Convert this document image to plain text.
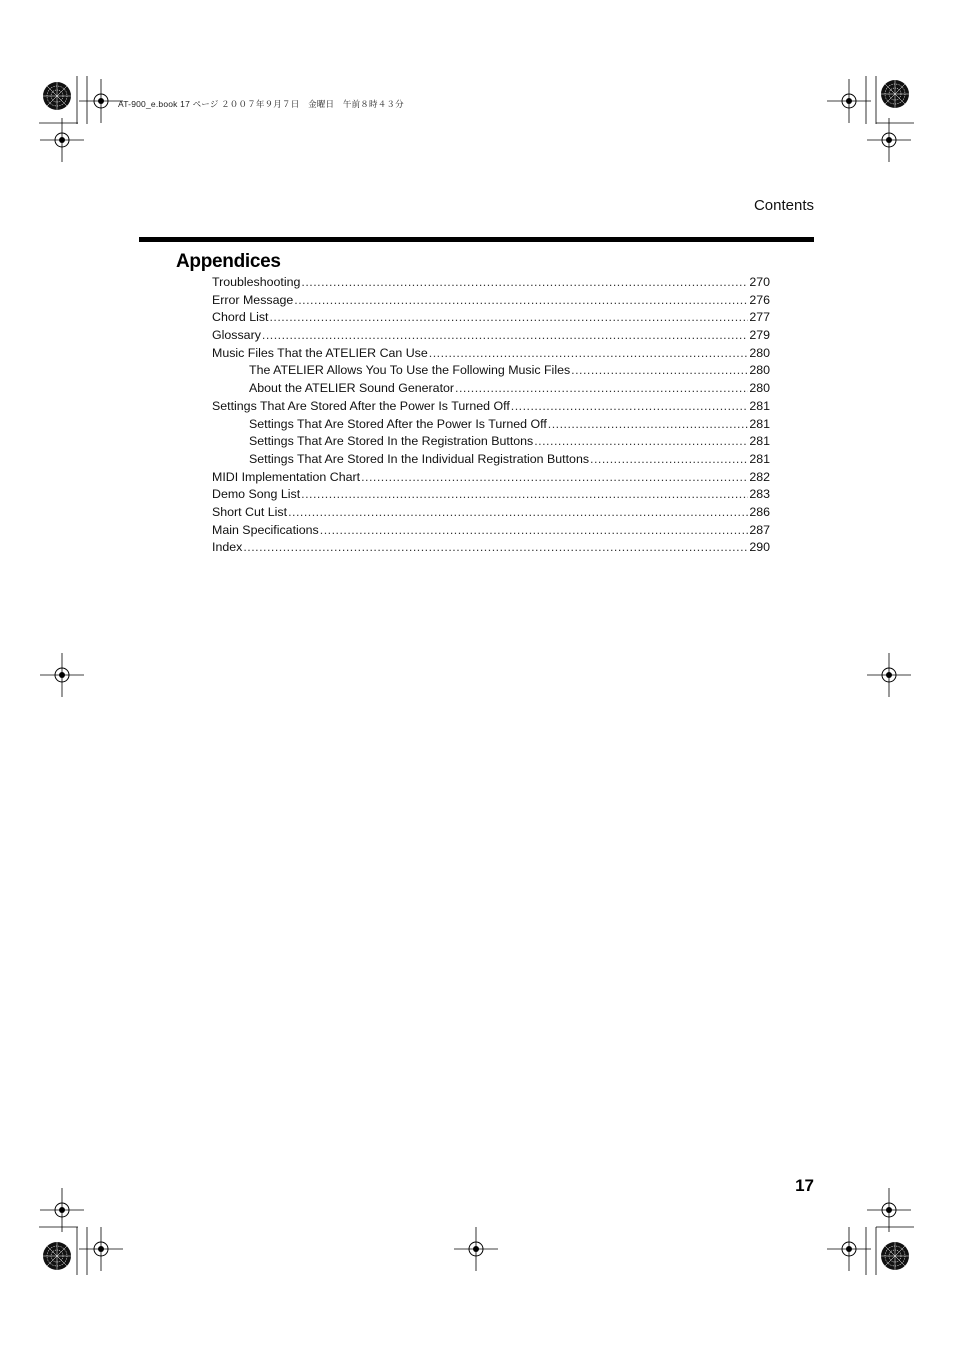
AT-900_e.book 17 ページ ２００７年９月７日　金曜日　午前８時４３分
Contents
Appendices
Troubleshooting .....	270
Error Message .....	276
Chord List .....	277
Glossary .....	279
Music Files That the ATELIER Can Use .....	280
The ATELIER Allows You To Use the Following Music Files .....	280
About the ATELIER Sound Generator .....	280
Settings That Are Stored After the Power Is Turned Off .....	281
Settings That Are Stored After the Power Is Turned Off .....	281
Settings That Are Stored In the Registration Buttons .....	281
Settings That Are Stored In the Individual Registration Buttons .....	281
MIDI Implementation Chart .....	282
Demo Song List .....	283
Short Cut List .....	286
Main Specifications .....	287
Index .....	290
17
